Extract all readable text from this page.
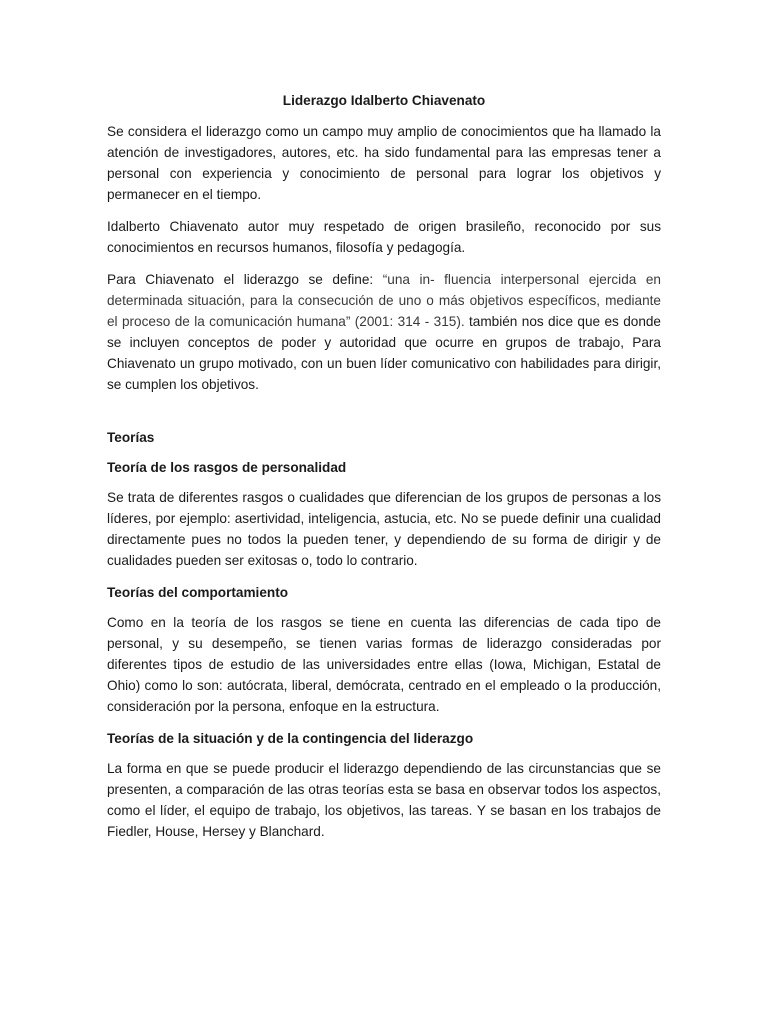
Liderazgo Idalberto Chiavenato

Se considera el liderazgo como un campo muy amplio de conocimientos que ha llamado la atención de investigadores, autores, etc. ha sido fundamental para las empresas tener a personal con experiencia y conocimiento de personal para lograr los objetivos y permanecer en el tiempo.

Idalberto Chiavenato autor muy respetado de origen brasileño, reconocido por sus conocimientos en recursos humanos, filosofía y pedagogía.

Para Chiavenato el liderazgo se define: “una in- fluencia interpersonal ejercida en determinada situación, para la consecución de uno o más objetivos específicos, mediante el proceso de la comunicación humana” (2001: 314 - 315). también nos dice que es donde se incluyen conceptos de poder y autoridad que ocurre en grupos de trabajo, Para Chiavenato un grupo motivado, con un buen líder comunicativo con habilidades para dirigir, se cumplen los objetivos.

Teorías
Teoría de los rasgos de personalidad

Se trata de diferentes rasgos o cualidades que diferencian de los grupos de personas a los líderes, por ejemplo: asertividad, inteligencia, astucia, etc. No se puede definir una cualidad directamente pues no todos la pueden tener, y dependiendo de su forma de dirigir y de cualidades pueden ser exitosas o, todo lo contrario.

Teorías del comportamiento

Como en la teoría de los rasgos se tiene en cuenta las diferencias de cada tipo de personal, y su desempeño, se tienen varias formas de liderazgo consideradas por diferentes tipos de estudio de las universidades entre ellas (Iowa, Michigan, Estatal de Ohio) como lo son: autócrata, liberal, demócrata, centrado en el empleado o la producción, consideración por la persona, enfoque en la estructura.

Teorías de la situación y de la contingencia del liderazgo

La forma en que se puede producir el liderazgo dependiendo de las circunstancias que se presenten, a comparación de las otras teorías esta se basa en observar todos los aspectos, como el líder, el equipo de trabajo, los objetivos, las tareas. Y se basan en los trabajos de Fiedler, House, Hersey y Blanchard.
